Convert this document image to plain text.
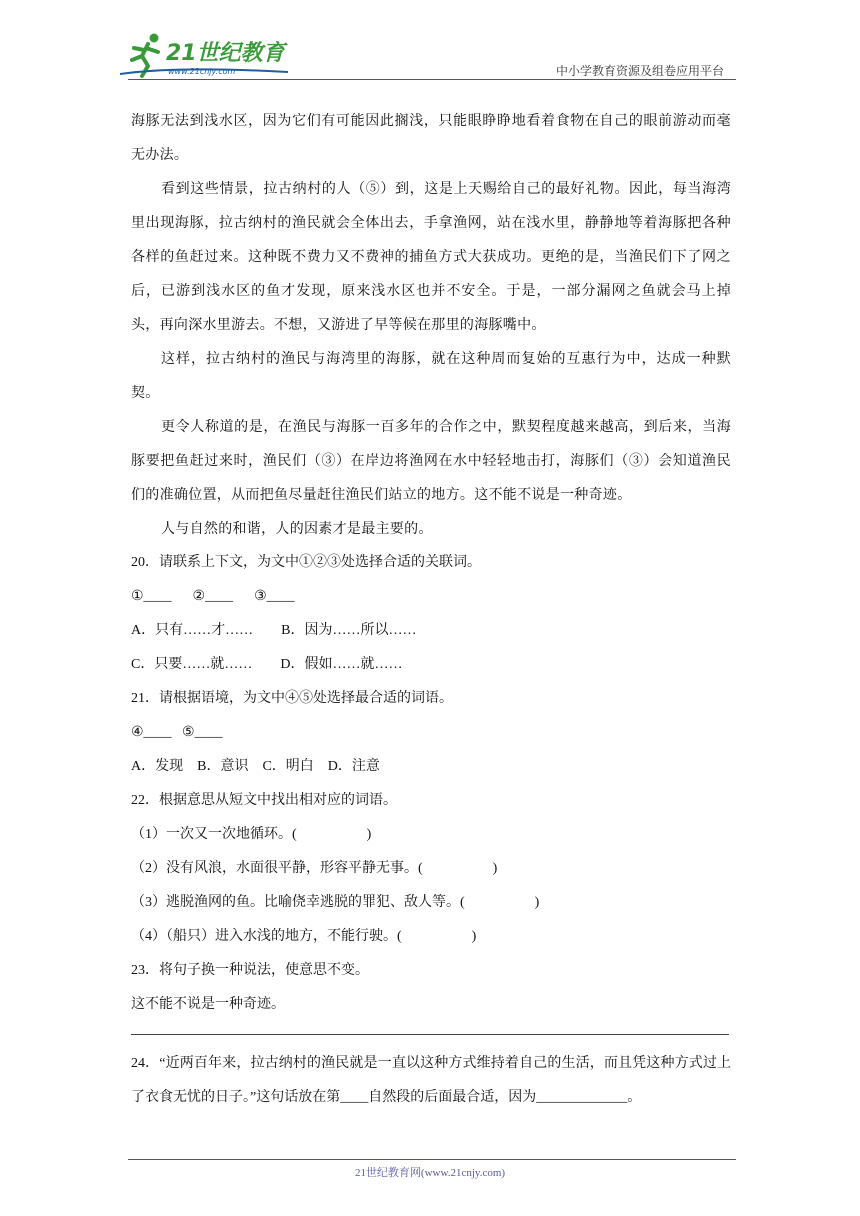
21世纪教育
www.21cnjy.com	中小学教育资源及组卷应用平台

海豚无法到浅水区，因为它们有可能因此搁浅，只能眼睁睁地看着食物在自己的眼前游动而毫无办法。

看到这些情景，拉古纳村的人（⑤）到，这是上天赐给自己的最好礼物。因此，每当海湾里出现海豚，拉古纳村的渔民就会全体出去，手拿渔网，站在浅水里，静静地等着海豚把各种各样的鱼赶过来。这种既不费力又不费神的捕鱼方式大获成功。更绝的是，当渔民们下了网之后，已游到浅水区的鱼才发现，原来浅水区也并不安全。于是，一部分漏网之鱼就会马上掉头，再向深水里游去。不想，又游进了早等候在那里的海豚嘴中。

这样，拉古纳村的渔民与海湾里的海豚，就在这种周而复始的互惠行为中，达成一种默契。

更令人称道的是，在渔民与海豚一百多年的合作之中，默契程度越来越高，到后来，当海豚要把鱼赶过来时，渔民们（③）在岸边将渔网在水中轻轻地击打，海豚们（③）会知道渔民们的准确位置，从而把鱼尽量赶往渔民们站立的地方。这不能不说是一种奇迹。

人与自然的和谐，人的因素才是最主要的。

20．请联系上下文，为文中①②③处选择合适的关联词。

①____      ②____      ③____

A．只有……才……        B．因为……所以……

C．只要……就……        D．假如……就……

21．请根据语境，为文中④⑤处选择最合适的词语。

④____   ⑤____

A．发现    B．意识    C．明白    D．注意

22．根据意思从短文中找出相对应的词语。

（1）一次又一次地循环。(                    )

（2）没有风浪，水面很平静，形容平静无事。(                    )

（3）逃脱渔网的鱼。比喻侥幸逃脱的罪犯、敌人等。(                    )

（4）（船只）进入水浅的地方，不能行驶。(                    )

23．将句子换一种说法，使意思不变。

这不能不说是一种奇迹。

24．“近两百年来，拉古纳村的渔民就是一直以这种方式维持着自己的生活，而且凭这种方式过上了衣食无忧的日子。”这句话放在第____自然段的后面最合适，因为_____________。

21世纪教育网(www.21cnjy.com)
